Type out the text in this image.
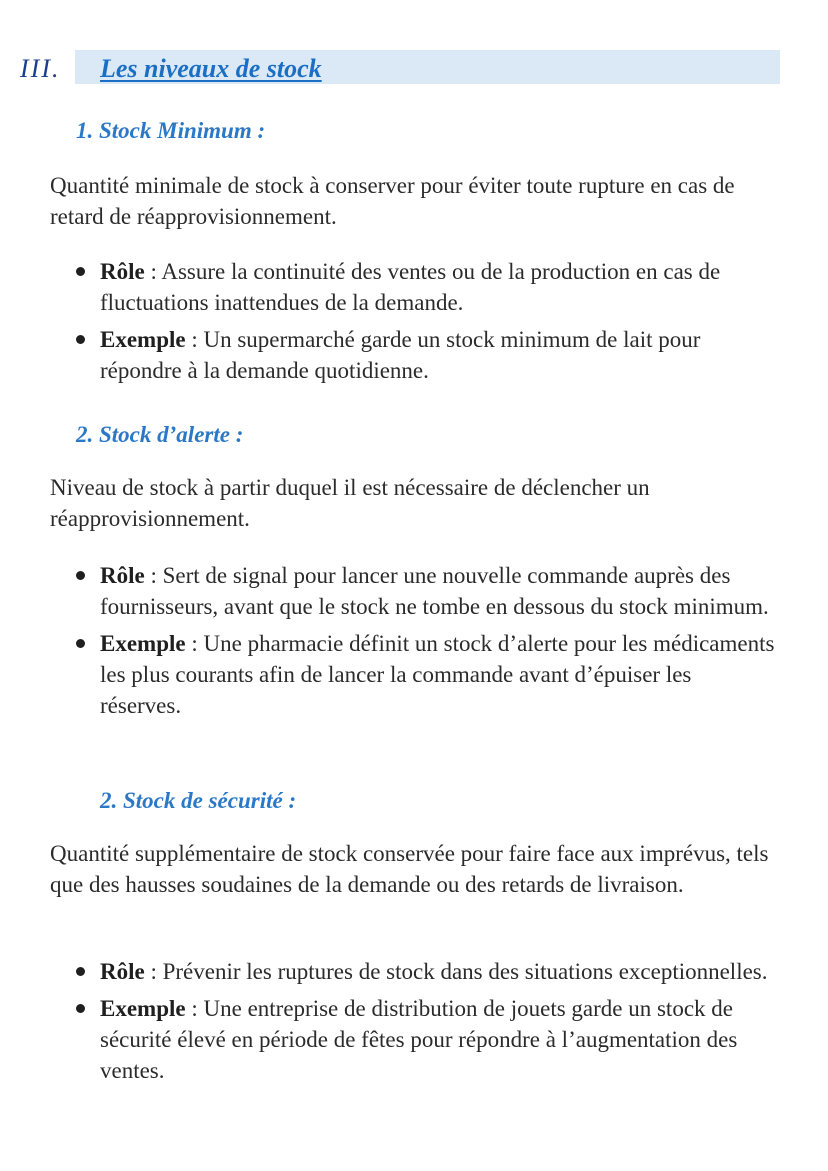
III. Les niveaux de stock
1. Stock Minimum :

Quantité minimale de stock à conserver pour éviter toute rupture en cas de retard de réapprovisionnement.

Rôle : Assure la continuité des ventes ou de la production en cas de fluctuations inattendues de la demande.
Exemple : Un supermarché garde un stock minimum de lait pour répondre à la demande quotidienne.
2. Stock d’alerte :

Niveau de stock à partir duquel il est nécessaire de déclencher un réapprovisionnement.

Rôle : Sert de signal pour lancer une nouvelle commande auprès des fournisseurs, avant que le stock ne tombe en dessous du stock minimum.
Exemple : Une pharmacie définit un stock d’alerte pour les médicaments les plus courants afin de lancer la commande avant d’épuiser les réserves.
2. Stock de sécurité :

Quantité supplémentaire de stock conservée pour faire face aux imprévus, tels que des hausses soudaines de la demande ou des retards de livraison.

Rôle : Prévenir les ruptures de stock dans des situations exceptionnelles.
Exemple : Une entreprise de distribution de jouets garde un stock de sécurité élevé en période de fêtes pour répondre à l’augmentation des ventes.
